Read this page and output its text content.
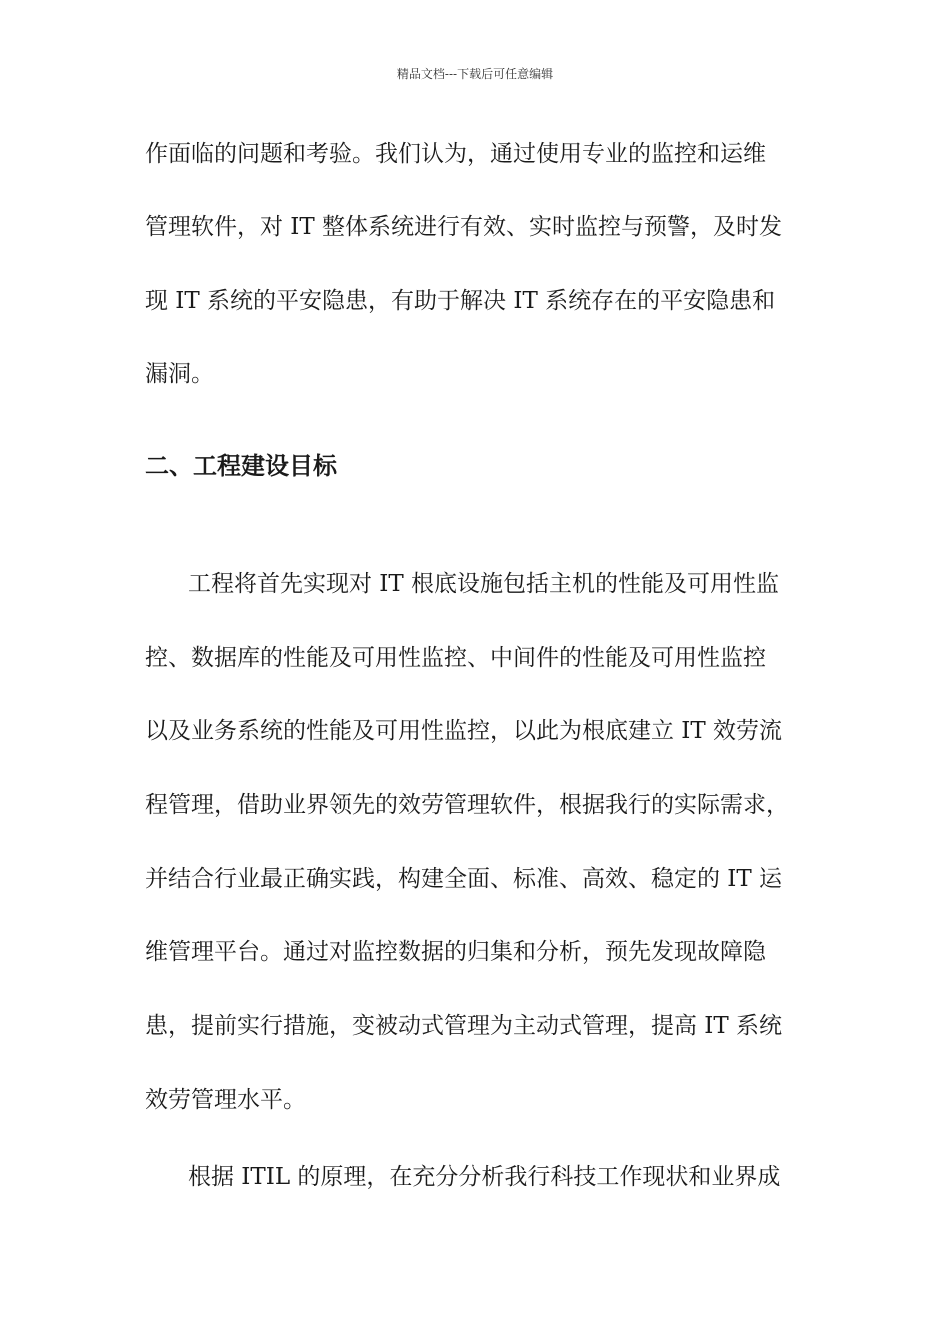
精品文档---下载后可任意编辑
作面临的问题和考验。我们认为，通过使用专业的监控和运维
管理软件，对 IT 整体系统进行有效、实时监控与预警，及时发
现 IT 系统的平安隐患，有助于解决 IT 系统存在的平安隐患和
漏洞。
二、工程建设目标
工程将首先实现对 IT 根底设施包括主机的性能及可用性监
控、数据库的性能及可用性监控、中间件的性能及可用性监控
以及业务系统的性能及可用性监控，以此为根底建立 IT 效劳流
程管理，借助业界领先的效劳管理软件，根据我行的实际需求，
并结合行业最正确实践，构建全面、标准、高效、稳定的 IT 运
维管理平台。通过对监控数据的归集和分析，预先发现故障隐
患，提前实行措施，变被动式管理为主动式管理，提高 IT 系统
效劳管理水平。
根据 ITIL 的原理，在充分分析我行科技工作现状和业界成
